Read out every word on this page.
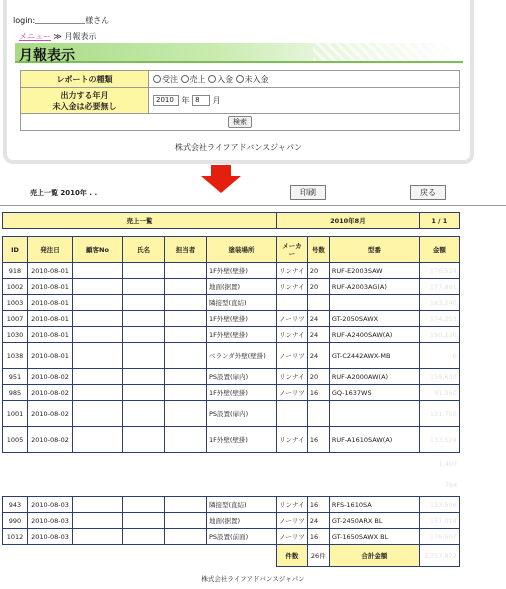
login:	様さん
メニュー ≫ 月報表示
月報表示
レポートの種類	受注 売上 入金 未入金

出力する年月
未入金は必要無し	2010 年 8 月
検索	
株式会社ライフアドバンスジャパン
売上一覧 2010年 . .	印刷	戻る
売上一覧						2010年8月			1 / 1

ID	発注日	顧客No	氏名	担当者	塗装場所	メーカー	号数	型番	金額
918	2010-08-01				1F外壁(壁掛)	リンナイ	20	RUF-E2003SAW	176,524
1002	2010-08-01				地面(据置)	リンナイ	20	RUF-A2003AG(A)	177,891
1003	2010-08-01				隣接型(直結)				183,240
1007	2010-08-01				1F外壁(壁掛)	ノーリツ	24	GT-2050SAWX	174,253
1030	2010-08-01				1F外壁(壁掛)	リンナイ	24	RUF-A2400SAW(A)	190,220
1038	2010-08-01				ベランダ外壁(壁掛)	ノーリツ	24	GT-C2442AWX-MB	0
951	2010-08-02				PS設置(扉内)	リンナイ	20	RUF-A2000AW(A)	159,630
985	2010-08-02				1F外壁(壁掛)	ノーリツ	16	GQ-1637WS	91,350
1001	2010-08-02				PS設置(扉内)				131,750
1005	2010-08-02				1F外壁(壁掛)	リンナイ	16	RUF-A1610SAW(A)	133,524
									1,407
									764
943	2010-08-03				隣接型(直結)	リンナイ	16	RFS-1610SA	133,506
990	2010-08-03				地面(据置)	ノーリツ	24	GT-2450ARX BL	157,014
1012	2010-08-03				PS設置(前面)	ノーリツ	16	GT-1650SAWX BL	176,507
						件数	26件	合計金額	3,357,872
株式会社ライフアドバンスジャパン
